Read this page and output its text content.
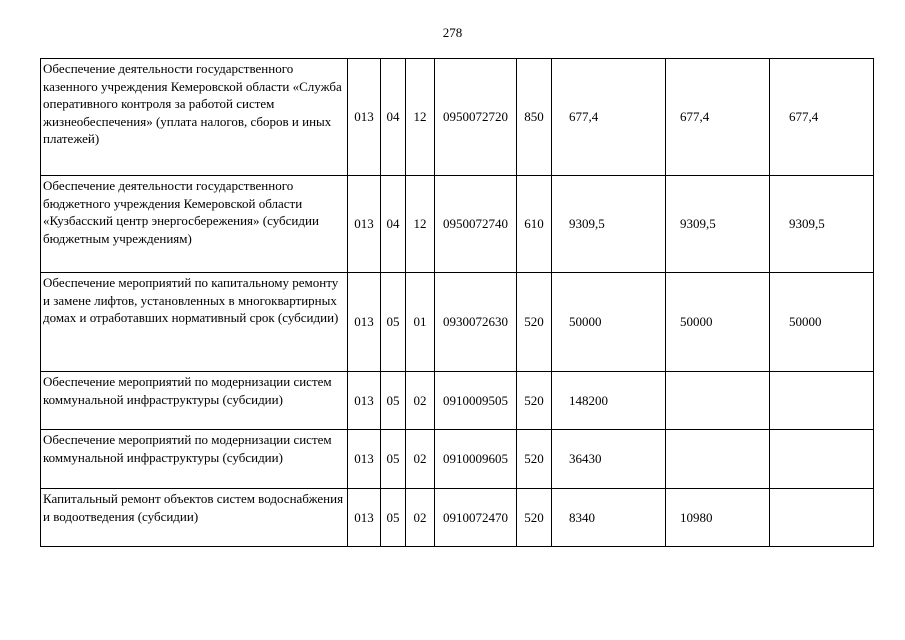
278
Обеспечение деятельности государственного казенного учреждения Кемеровской области «Служба оперативного контроля за работой систем жизнеобеспечения» (уплата налогов, сборов и иных платежей)	013	04	12	0950072720	850	677,4	677,4	677,4
Обеспечение деятельности государственного бюджетного учреждения Кемеровской области «Кузбасский центр энергосбережения» (субсидии бюджетным учреждениям)	013	04	12	0950072740	610	9309,5	9309,5	9309,5
Обеспечение мероприятий по капитальному ремонту и замене лифтов, установленных в многоквартирных домах и отработавших нормативный срок (субсидии)	013	05	01	0930072630	520	50000	50000	50000
Обеспечение мероприятий по модернизации систем коммунальной инфраструктуры (субсидии)	013	05	02	0910009505	520	148200		
Обеспечение мероприятий по модернизации систем коммунальной инфраструктуры (субсидии)	013	05	02	0910009605	520	36430		
Капитальный ремонт объектов систем водоснабжения и водоотведения (субсидии)	013	05	02	0910072470	520	8340	10980	
